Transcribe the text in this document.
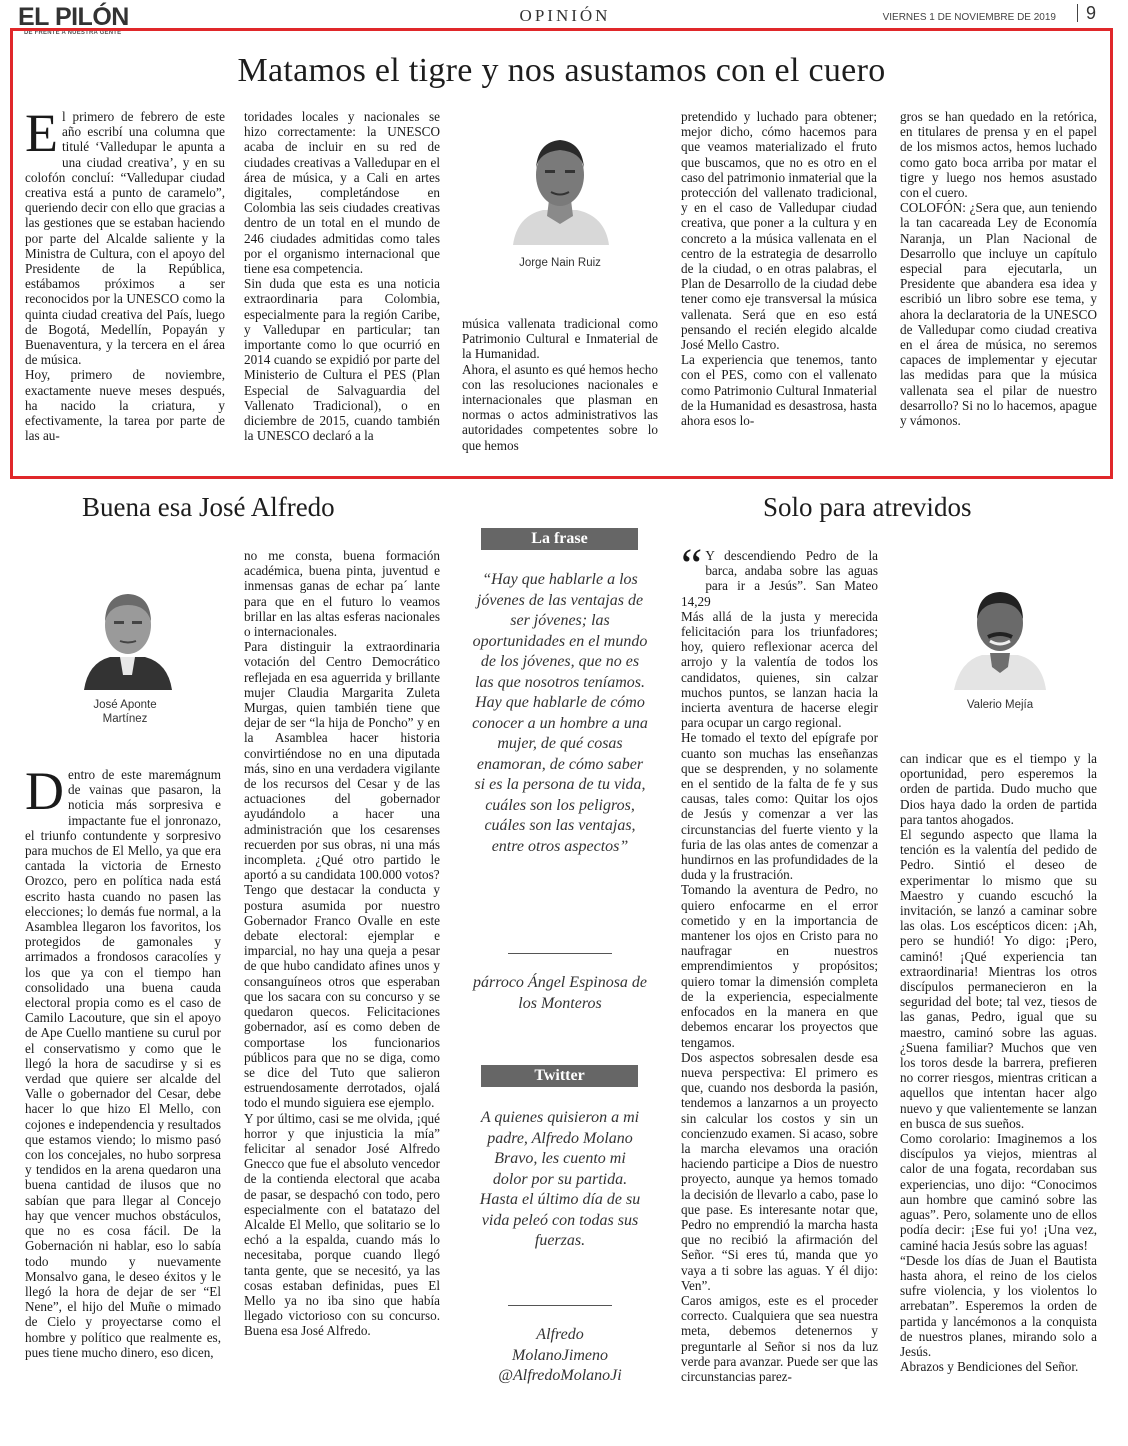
EL PILÓN
DE FRENTE A NUESTRA GENTE
OPINIÓN	VIERNES 1 DE NOVIEMBRE DE 2019	9
Matamos el tigre y nos asustamos con el cuero
E l primero de febrero de este año escribí una columna que titulé ‘Valledupar le apunta a una ciudad creativa’, y en su colofón concluí: “Valledupar ciudad creativa está a punto de caramelo”, queriendo decir con ello que gracias a las gestiones que se estaban haciendo por parte del Alcalde saliente y la Ministra de Cultura, con el apoyo del Presidente de la República, estábamos próximos a ser reconocidos por la UNESCO como la quinta ciudad creativa del País, luego de Bogotá, Medellín, Popayán y Buenaventura, y la tercera en el área de música.

Hoy, primero de noviembre, exactamente nueve meses después, ha nacido la criatura, y efectivamente, la tarea por parte de las au-

toridades locales y nacionales se hizo correctamente: la UNESCO acaba de incluir en su red de ciudades creativas a Valledupar en el área de música, y a Cali en artes digitales, completándose en Colombia las seis ciudades creativas dentro de un total en el mundo de 246 ciudades admitidas como tales por el organismo internacional que tiene esa competencia.

Sin duda que esta es una noticia extraordinaria para Colombia, especialmente para la región Caribe, y Valledupar en particular; tan importante como lo que ocurrió en 2014 cuando se expidió por parte del Ministerio de Cultura el PES (Plan Especial de Salvaguardia del Vallenato Tradicional), o en diciembre de 2015, cuando también la UNESCO declaró a la

Jorge Nain Ruiz

música vallenata tradicional como Patrimonio Cultural e Inmaterial de la Humanidad.

Ahora, el asunto es qué hemos hecho con las resoluciones nacionales e internacionales que plasman en normas o actos administrativos las autoridades competentes sobre lo que hemos

pretendido y luchado para obtener; mejor dicho, cómo hacemos para que veamos materializado el fruto que buscamos, que no es otro en el caso del patrimonio inmaterial que la protección del vallenato tradicional, y en el caso de Valledupar ciudad creativa, que poner a la cultura y en concreto a la música vallenata en el centro de la estrategia de desarrollo de la ciudad, o en otras palabras, el Plan de Desarrollo de la ciudad debe tener como eje transversal la música vallenata. Será que en eso está pensando el recién elegido alcalde José Mello Castro.

La experiencia que tenemos, tanto con el PES, como con el vallenato como Patrimonio Cultural Inmaterial de la Humanidad es desastrosa, hasta ahora esos lo-

gros se han quedado en la retórica, en titulares de prensa y en el papel de los mismos actos, hemos luchado como gato boca arriba por matar el tigre y luego nos hemos asustado con el cuero.

COLOFÓN: ¿Sera que, aun teniendo la tan cacareada Ley de Economía Naranja, un Plan Nacional de Desarrollo que incluye un capítulo especial para ejecutarla, un Presidente que abandera esa idea y escribió un libro sobre ese tema, y ahora la declaratoria de la UNESCO de Valledupar como ciudad creativa en el área de música, no seremos capaces de implementar y ejecutar las medidas para que la música vallenata sea el pilar de nuestro desarrollo? Si no lo hacemos, apague y vámonos.

Buena esa José Alfredo
José Aponte
Martínez
D entro de este maremágnum de vainas que pasaron, la noticia más sorpresiva e impactante fue el jonronazo, el triunfo contundente y sorpresivo para muchos de El Mello, ya que era cantada la victoria de Ernesto Orozco, pero en política nada está escrito hasta cuando no pasen las elecciones; lo demás fue normal, a la Asamblea llegaron los favoritos, los protegidos de gamonales y arrimados a frondosos caracolíes y los que ya con el tiempo han consolidado una buena cauda electoral propia como es el caso de Camilo Lacouture, que sin el apoyo de Ape Cuello mantiene su curul por el conservatismo y como que le llegó la hora de sacudirse y si es verdad que quiere ser alcalde del Valle o gobernador del Cesar, debe hacer lo que hizo El Mello, con cojones e independencia y resultados que estamos viendo; lo mismo pasó con los concejales, no hubo sorpresa y tendidos en la arena quedaron una buena cantidad de ilusos que no sabían que para llegar al Concejo hay que vencer muchos obstáculos, que no es cosa fácil. De la Gobernación ni hablar, eso lo sabía todo mundo y nuevamente Monsalvo gana, le deseo éxitos y le llegó la hora de dejar de ser “El Nene”, el hijo del Muñe o mimado de Cielo y proyectarse como el hombre y político que realmente es, pues tiene mucho dinero, eso dicen,

no me consta, buena formación académica, buena pinta, juventud e inmensas ganas de echar pa´ lante para que en el futuro lo veamos brillar en las altas esferas nacionales o internacionales.

Para distinguir la extraordinaria votación del Centro Democrático reflejada en esa aguerrida y brillante mujer Claudia Margarita Zuleta Murgas, quien también tiene que dejar de ser “la hija de Poncho” y en la Asamblea hacer historia convirtiéndose no en una diputada más, sino en una verdadera vigilante de los recursos del Cesar y de las actuaciones del gobernador ayudándolo a hacer una administración que los cesarenses recuerden por sus obras, ni una más incompleta. ¿Qué otro partido le aportó a su candidata 100.000 votos?

Tengo que destacar la conducta y postura asumida por nuestro Gobernador Franco Ovalle en este debate electoral: ejemplar e imparcial, no hay una queja a pesar de que hubo candidato afines unos y consanguíneos otros que esperaban que los sacara con su concurso y se quedaron quecos. Felicitaciones gobernador, así es como deben de comportase los funcionarios públicos para que no se diga, como se dice del Tuto que salieron estruendosamente derrotados, ojalá todo el mundo siguiera ese ejemplo.

Y por último, casi se me olvida, ¡qué horror y que injusticia la mía” felicitar al senador José Alfredo Gnecco que fue el absoluto vencedor de la contienda electoral que acaba de pasar, se despachó con todo, pero especialmente con el batatazo del Alcalde El Mello, que solitario se lo echó a la espalda, cuando más lo necesitaba, porque cuando llegó tanta gente, que se necesitó, ya las cosas estaban definidas, pues El Mello ya no iba sino que había llegado victorioso con su concurso. Buena esa José Alfredo.

La frase
“Hay que hablarle a los jóvenes de las ventajas de ser jóvenes; las oportunidades en el mundo de los jóvenes, que no es las que nosotros teníamos. Hay que hablarle de cómo conocer a un hombre a una mujer, de qué cosas enamoran, de cómo saber si es la persona de tu vida, cuáles son los peligros, cuáles son las ventajas, entre otros aspectos”
párroco Ángel Espinosa de los Monteros
Twitter
A quienes quisieron a mi padre, Alfredo Molano Bravo, les cuento mi dolor por su partida. Hasta el último día de su vida peleó con todas sus fuerzas.
Alfredo
MolanoJimeno
@AlfredoMolanoJi
Solo para atrevidos
“ Y descendiendo Pedro de la barca, andaba sobre las aguas para ir a Jesús”. San Mateo 14,29

Más allá de la justa y merecida felicitación para los triunfadores; hoy, quiero reflexionar acerca del arrojo y la valentía de todos los candidatos, quienes, sin calzar muchos puntos, se lanzan hacia la incierta aventura de hacerse elegir para ocupar un cargo regional.

He tomado el texto del epígrafe por cuanto son muchas las enseñanzas que se desprenden, y no solamente en el sentido de la falta de fe y sus causas, tales como: Quitar los ojos de Jesús y comenzar a ver las circunstancias del fuerte viento y la furia de las olas antes de comenzar a hundirnos en las profundidades de la duda y la frustración.

Tomando la aventura de Pedro, no quiero enfocarme en el error cometido y en la importancia de mantener los ojos en Cristo para no naufragar en nuestros emprendimientos y propósitos; quiero tomar la dimensión completa de la experiencia, especialmente enfocados en la manera en que debemos encarar los proyectos que tengamos.

Dos aspectos sobresalen desde esa nueva perspectiva: El primero es que, cuando nos desborda la pasión, tendemos a lanzarnos a un proyecto sin calcular los costos y sin un concienzudo examen. Si acaso, sobre la marcha elevamos una oración haciendo participe a Dios de nuestro proyecto, aunque ya hemos tomado la decisión de llevarlo a cabo, pase lo que pase. Es interesante notar que, Pedro no emprendió la marcha hasta que no recibió la afirmación del Señor. “Si eres tú, manda que yo vaya a ti sobre las aguas. Y él dijo: Ven”.

Caros amigos, este es el proceder correcto. Cualquiera que sea nuestra meta, debemos detenernos y preguntarle al Señor si nos da luz verde para avanzar. Puede ser que las circunstancias parez-

Valerio Mejía

can indicar que es el tiempo y la oportunidad, pero esperemos la orden de partida. Dudo mucho que Dios haya dado la orden de partida para tantos ahogados.

El segundo aspecto que llama la tención es la valentía del pedido de Pedro. Sintió el deseo de experimentar lo mismo que su Maestro y cuando escuchó la invitación, se lanzó a caminar sobre las olas. Los escépticos dicen: ¡Ah, pero se hundió! Yo digo: ¡Pero, caminó! ¡Qué experiencia tan extraordinaria! Mientras los otros discípulos permanecieron en la seguridad del bote; tal vez, tiesos de las ganas, Pedro, igual que su maestro, caminó sobre las aguas. ¿Suena familiar? Muchos que ven los toros desde la barrera, prefieren no correr riesgos, mientras critican a aquellos que intentan hacer algo nuevo y que valientemente se lanzan en busca de sus sueños.

Como corolario: Imaginemos a los discípulos ya viejos, mientras al calor de una fogata, recordaban sus experiencias, uno dijo: “Conocimos aun hombre que caminó sobre las aguas”. Pero, solamente uno de ellos podía decir: ¡Ese fui yo! ¡Una vez, caminé hacia Jesús sobre las aguas!

“Desde los días de Juan el Bautista hasta ahora, el reino de los cielos sufre violencia, y los violentos lo arrebatan”. Esperemos la orden de partida y lancémonos a la conquista de nuestros planes, mirando solo a Jesús.

Abrazos y Bendiciones del Señor.
